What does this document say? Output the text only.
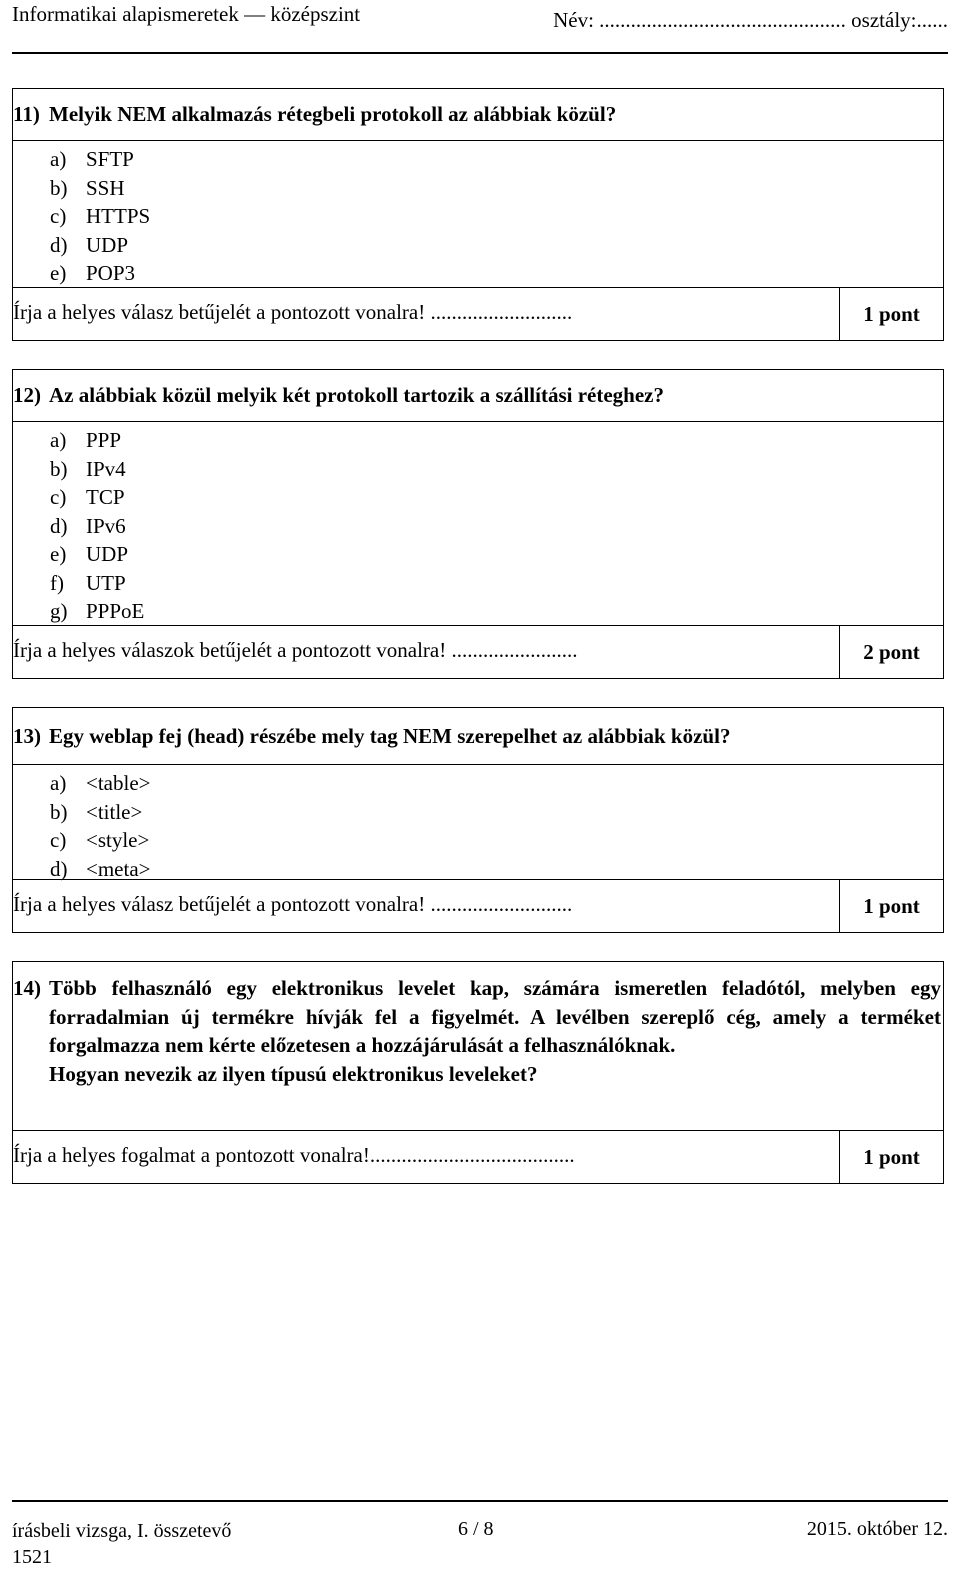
Informatikai alapismeretek — középszint	Név: ............................................... osztály:......
11) Melyik NEM alkalmazás rétegbeli protokoll az alábbiak közül?
a) SFTP
b) SSH
c) HTTPS
d) UDP
e) POP3
Írja a helyes válasz betűjelét a pontozott vonalra! ...........................	1 pont
12) Az alábbiak közül melyik két protokoll tartozik a szállítási réteghez?
a) PPP
b) IPv4
c) TCP
d) IPv6
e) UDP
f) UTP
g) PPPoE
Írja a helyes válaszok betűjelét a pontozott vonalra! ........................	2 pont
13) Egy weblap fej (head) részébe mely tag NEM szerepelhet az alábbiak közül?
a) <table>
b) <title>
c) <style>
d) <meta>
Írja a helyes válasz betűjelét a pontozott vonalra! ...........................	1 pont
14) Több felhasználó egy elektronikus levelet kap, számára ismeretlen feladótól, melyben egy forradalmian új termékre hívják fel a figyelmét. A levélben szereplő cég, amely a terméket forgalmazza nem kérte előzetesen a hozzájárulását a felhasználóknak.
Hogyan nevezik az ilyen típusú elektronikus leveleket?
Írja a helyes fogalmat a pontozott vonalra!.......................................	1 pont
írásbeli vizsga, I. összetevő 1521
6 / 8	2015. október 12.
